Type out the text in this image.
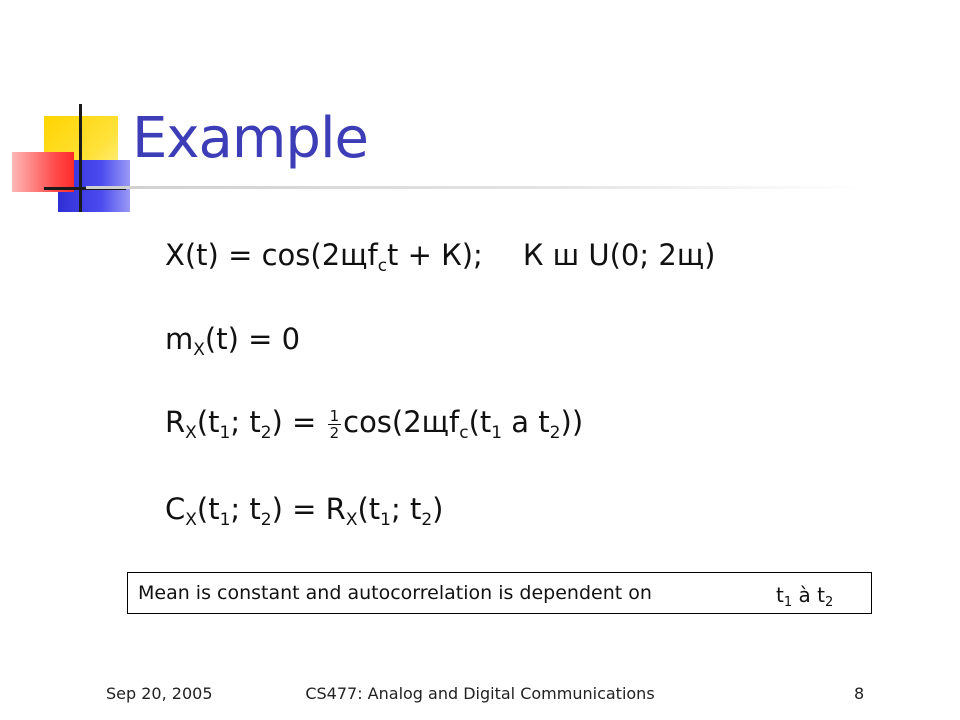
Example
$X(t) = \cos(2щf_ct + К)$; К ш U(0; 2щ)
$m_X(t) = 0$
$R_X(t_1$; $t_2) = \frac{1}{2} \cos(2щf_c(t_1$ a $t_2$))
$C_X(t_1$; $t_2) = R_X(t_1$; $t_2$)
Mean is constant and autocorrelation is dependent on	$t_1$ à $t_2$
Sep 20, 2005	CS477: Analog and Digital Communications	8
